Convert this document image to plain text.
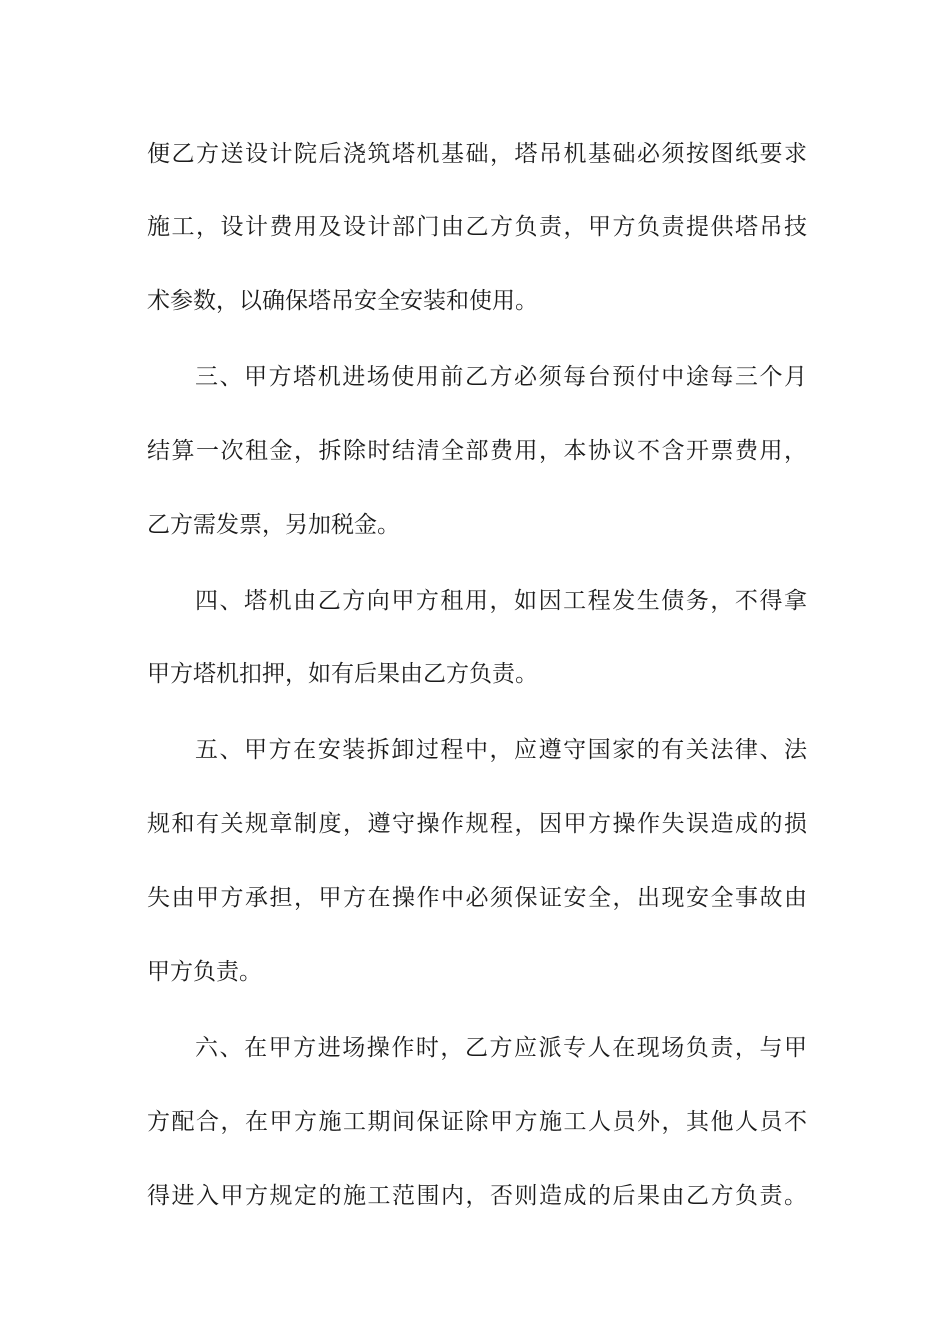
便乙方送设计院后浇筑塔机基础，塔吊机基础必须按图纸要求
施工，设计费用及设计部门由乙方负责，甲方负责提供塔吊技
术参数，以确保塔吊安全安装和使用。
三、甲方塔机进场使用前乙方必须每台预付中途每三个月
结算一次租金，拆除时结清全部费用，本协议不含开票费用，
乙方需发票，另加税金。
四、塔机由乙方向甲方租用，如因工程发生债务，不得拿
甲方塔机扣押，如有后果由乙方负责。
五、甲方在安装拆卸过程中，应遵守国家的有关法律、法
规和有关规章制度，遵守操作规程，因甲方操作失误造成的损
失由甲方承担，甲方在操作中必须保证安全，出现安全事故由
甲方负责。
六、在甲方进场操作时，乙方应派专人在现场负责，与甲
方配合，在甲方施工期间保证除甲方施工人员外，其他人员不
得进入甲方规定的施工范围内，否则造成的后果由乙方负责。
